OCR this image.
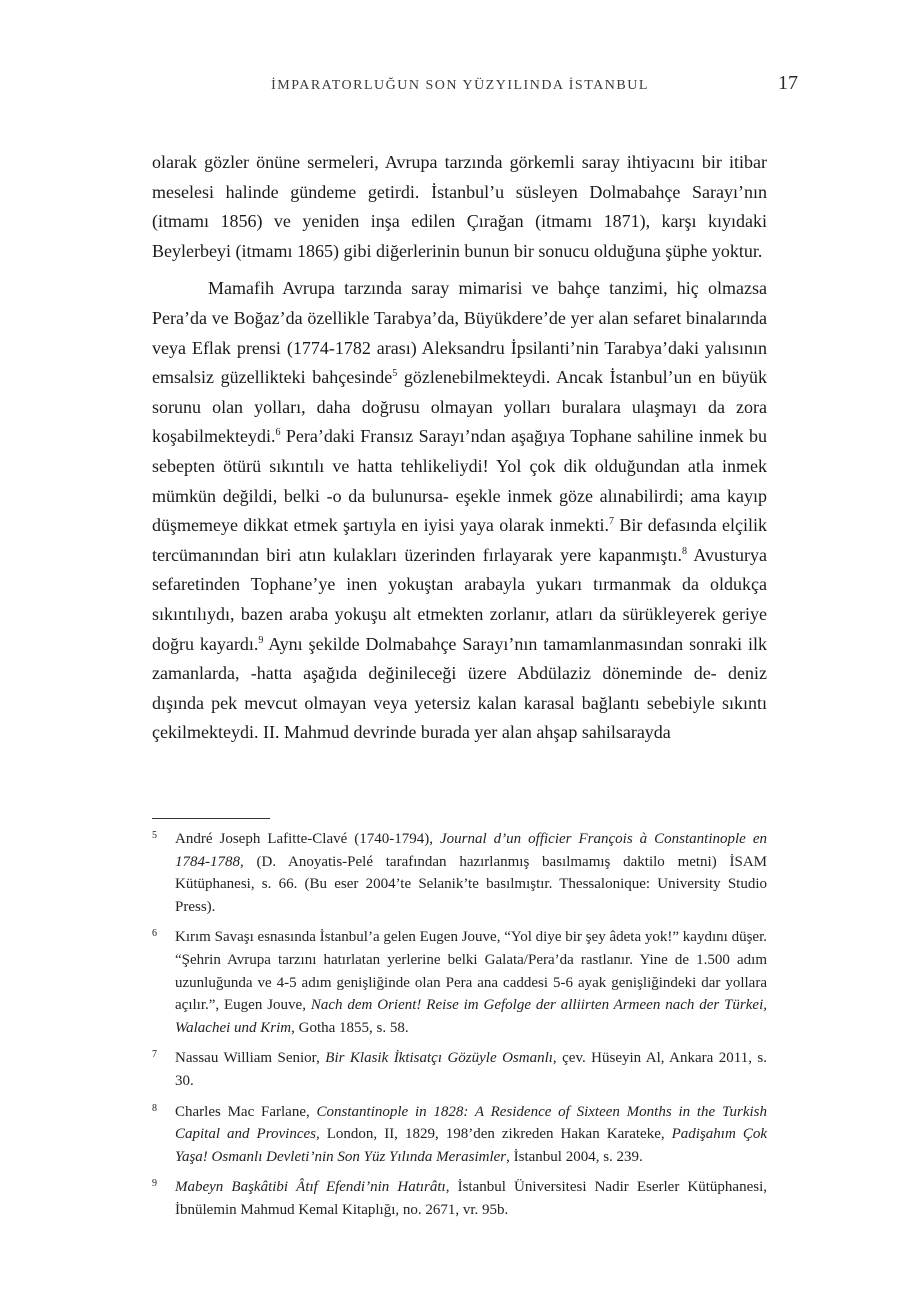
İMPARATORLUĞUN SON YÜZYILINDA İSTANBUL	17

olarak gözler önüne sermeleri, Avrupa tarzında görkemli saray ihtiyacını bir itibar meselesi halinde gündeme getirdi. İstanbul’u süsleyen Dolmabahçe Sarayı’nın (itmamı 1856) ve yeniden inşa edilen Çırağan (itmamı 1871), karşı kıyıdaki Beylerbeyi (itmamı 1865) gibi diğerlerinin bunun bir sonucu olduğuna şüphe yoktur.

Mamafih Avrupa tarzında saray mimarisi ve bahçe tanzimi, hiç olmazsa Pera’da ve Boğaz’da özellikle Tarabya’da, Büyükdere’de yer alan sefaret binalarında veya Eflak prensi (1774-1782 arası) Aleksandru İpsilanti’nin Tarabya’daki yalısının emsalsiz güzellikteki bahçesinde$^5$ gözlenebilmekteydi. Ancak İstanbul’un en büyük sorunu olan yolları, daha doğrusu olmayan yolları buralara ulaşmayı da zora koşabilmekteydi.$^6$ Pera’daki Fransız Sarayı’ndan aşağıya Tophane sahiline inmek bu sebepten ötürü sıkıntılı ve hatta tehlikeliydi! Yol çok dik olduğundan atla inmek mümkün değildi, belki -o da bulunursa- eşekle inmek göze alınabilirdi; ama kayıp düşmemeye dikkat etmek şartıyla en iyisi yaya olarak inmekti.$^7$ Bir defasında elçilik tercümanından biri atın kulakları üzerinden fırlayarak yere kapanmıştı.$^8$ Avusturya sefaretinden Tophane’ye inen yokuştan arabayla yukarı tırmanmak da oldukça sıkıntılıydı, bazen araba yokuşu alt etmekten zorlanır, atları da sürükleyerek geriye doğru kayardı.$^9$ Aynı şekilde Dolmabahçe Sarayı’nın tamamlanmasından sonraki ilk zamanlarda, -hatta aşağıda değinileceği üzere Abdülaziz döneminde de- deniz dışında pek mevcut olmayan veya yetersiz kalan karasal bağlantı sebebiyle sıkıntı çekilmekteydi. II. Mahmud devrinde burada yer alan ahşap sahilsarayda

5 André Joseph Lafitte-Clavé (1740-1794), Journal d’un officier François à Constantinople en 1784-1788, (D. Anoyatis-Pelé tarafından hazırlanmış basılmamış daktilo metni) İSAM Kütüphanesi, s. 66. (Bu eser 2004’te Selanik’te basılmıştır. Thessalonique: University Studio Press).
6 Kırım Savaşı esnasında İstanbul’a gelen Eugen Jouve, “Yol diye bir şey âdeta yok!” kaydını düşer. “Şehrin Avrupa tarzını hatırlatan yerlerine belki Galata/Pera’da rastlanır. Yine de 1.500 adım uzunluğunda ve 4-5 adım genişliğinde olan Pera ana caddesi 5-6 ayak genişliğindeki dar yollara açılır.”, Eugen Jouve, Nach dem Orient! Reise im Gefolge der alliirten Armeen nach der Türkei, Walachei und Krim, Gotha 1855, s. 58.
7 Nassau William Senior, Bir Klasik İktisatçı Gözüyle Osmanlı, çev. Hüseyin Al, Ankara 2011, s. 30.
8 Charles Mac Farlane, Constantinople in 1828: A Residence of Sixteen Months in the Turkish Capital and Provinces, London, II, 1829, 198’den zikreden Hakan Karateke, Padişahım Çok Yaşa! Osmanlı Devleti’nin Son Yüz Yılında Merasimler, İstanbul 2004, s. 239.
9 Mabeyn Başkâtibi Âtıf Efendi’nin Hatırâtı, İstanbul Üniversitesi Nadir Eserler Kütüphanesi, İbnülemin Mahmud Kemal Kitaplığı, no. 2671, vr. 95b.
